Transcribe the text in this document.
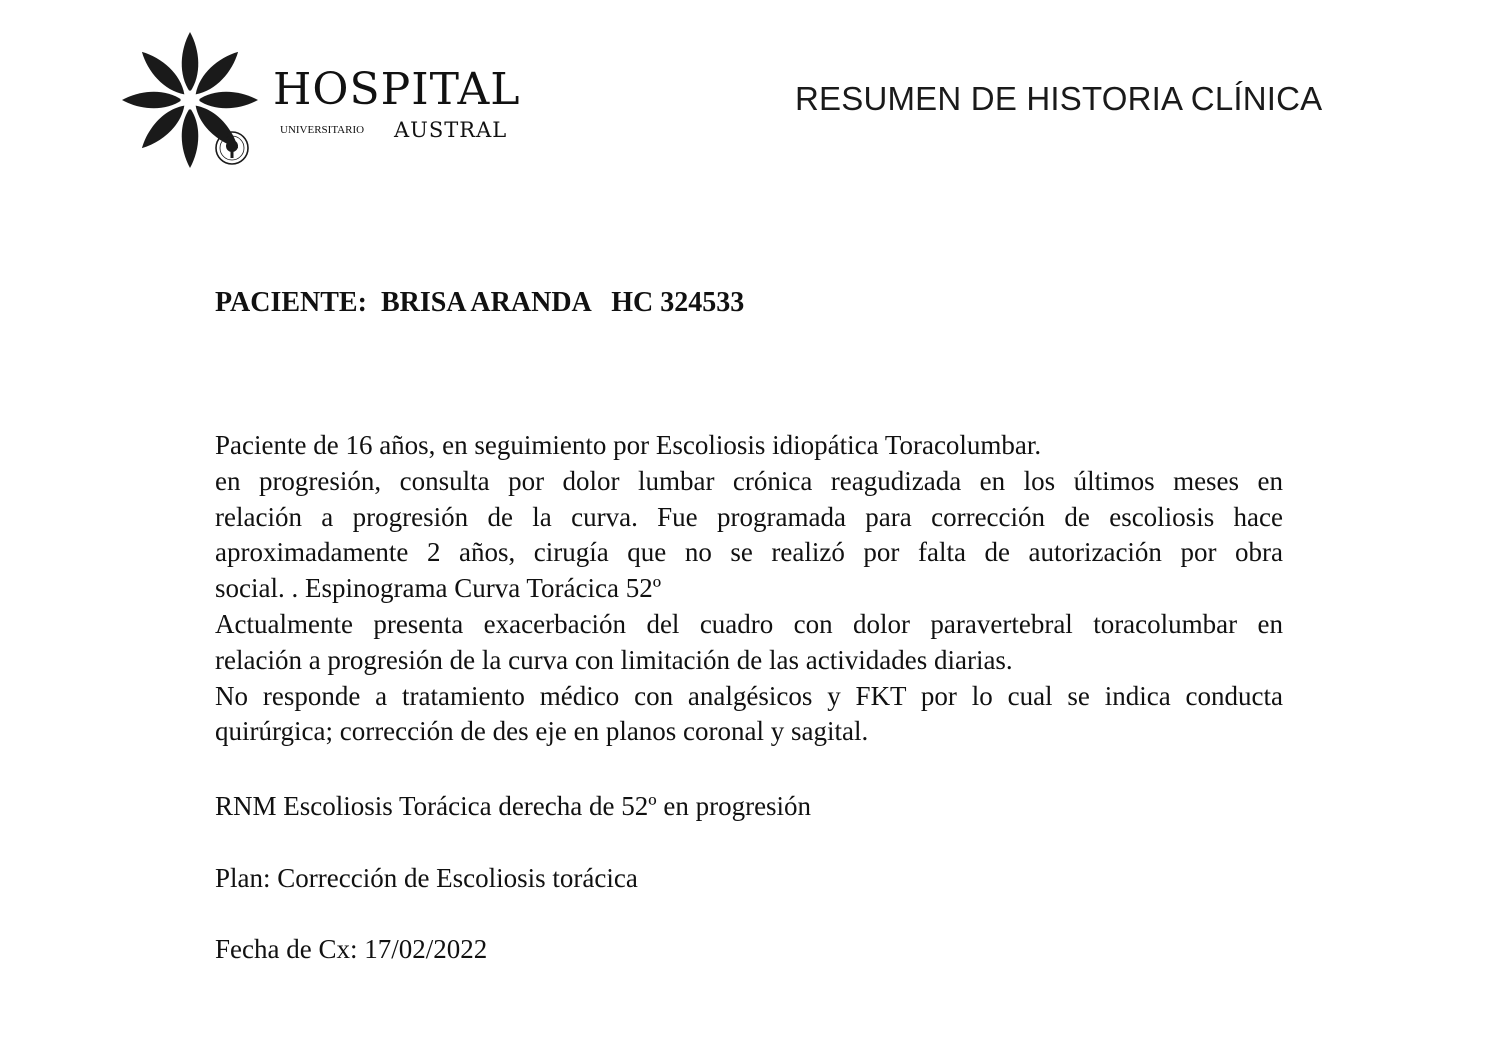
HOSPITAL
UNIVERSITARIO AUSTRAL
RESUMEN DE HISTORIA CLÍNICA
PACIENTE: BRISA ARANDA HC 324533
Paciente de 16 años, en seguimiento por Escoliosis idiopática Toracolumbar.
en progresión, consulta por dolor lumbar crónica reagudizada en los últimos meses en
relación a progresión de la curva. Fue programada para corrección de escoliosis hace
aproximadamente 2 años, cirugía que no se realizó por falta de autorización por obra
social. . Espinograma Curva Torácica 52º
Actualmente presenta exacerbación del cuadro con dolor paravertebral toracolumbar en
relación a progresión de la curva con limitación de las actividades diarias.
No responde a tratamiento médico con analgésicos y FKT por lo cual se indica conducta
quirúrgica; corrección de des eje en planos coronal y sagital.
RNM Escoliosis Torácica derecha de 52º en progresión
Plan: Corrección de Escoliosis torácica
Fecha de Cx: 17/02/2022
